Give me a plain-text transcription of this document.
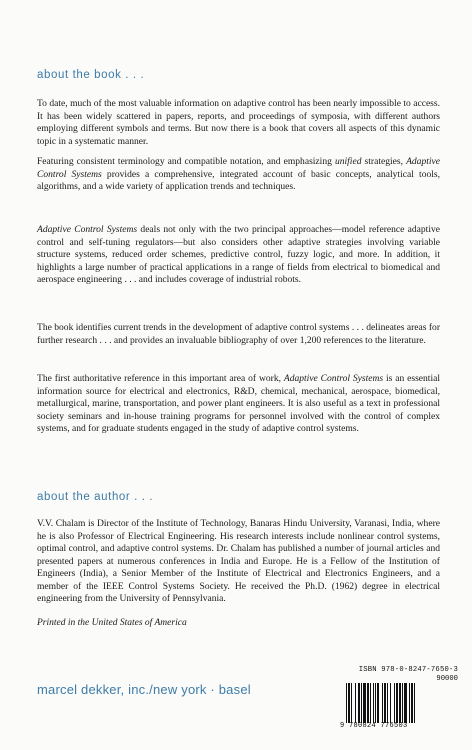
about the book . . .

To date, much of the most valuable information on adaptive control has been nearly impossible to access. It has been widely scattered in papers, reports, and proceedings of symposia, with different authors employing different symbols and terms. But now there is a book that covers all aspects of this dynamic topic in a systematic manner.

Featuring consistent terminology and compatible notation, and emphasizing unified strategies, Adaptive Control Systems provides a comprehensive, integrated account of basic concepts, analytical tools, algorithms, and a wide variety of application trends and techniques.

Adaptive Control Systems deals not only with the two principal approaches—model reference adaptive control and self-tuning regulators—but also considers other adaptive strategies involving variable structure systems, reduced order schemes, predictive control, fuzzy logic, and more. In addition, it highlights a large number of practical applications in a range of fields from electrical to biomedical and aerospace engineering . . . and includes coverage of industrial robots.

The book identifies current trends in the development of adaptive control systems . . . delineates areas for further research . . . and provides an invaluable bibliography of over 1,200 references to the literature.

The first authoritative reference in this important area of work, Adaptive Control Systems is an essential information source for electrical and electronics, R&D, chemical, mechanical, aerospace, biomedical, metallurgical, marine, transportation, and power plant engineers. It is also useful as a text in professional society seminars and in-house training programs for personnel involved with the control of complex systems, and for graduate students engaged in the study of adaptive control systems.

about the author . . .

V.V. Chalam is Director of the Institute of Technology, Banaras Hindu University, Varanasi, India, where he is also Professor of Electrical Engineering. His research interests include nonlinear control systems, optimal control, and adaptive control systems. Dr. Chalam has published a number of journal articles and presented papers at numerous conferences in India and Europe. He is a Fellow of the Institution of Engineers (India), a Senior Member of the Institute of Electrical and Electronics Engineers, and a member of the IEEE Control Systems Society. He received the Ph.D. (1962) degree in electrical engineering from the University of Pennsylvania.

Printed in the United States of America
marcel dekker, inc./new york · basel
ISBN 978-0-8247-7650-3
90000
9 780824 776503
